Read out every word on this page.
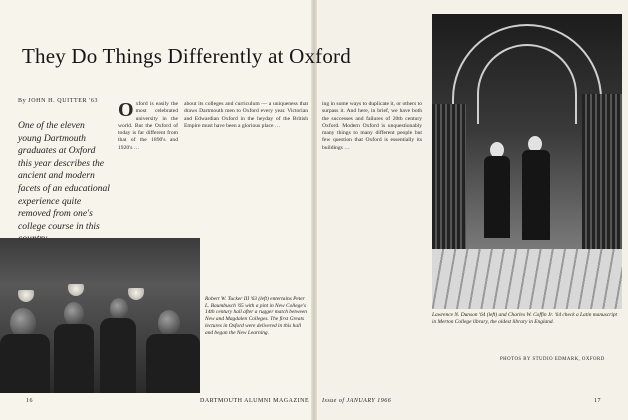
They Do Things Differently at Oxford
By JOHN H. QUITTER '63
One of the eleven young Dartmouth graduates at Oxford this year describes the ancient and modern facets of an educational experience quite removed from one's college course in this
O xford is easily the most celebrated university in the world. But the Oxford of today is far different from that of the 1890's and 1920's …
about its colleges and curriculum — a uniqueness that draws Dartmouth men to Oxford every year. Victorian and Edwardian Oxford in the heyday of the British Empire must have been a glorious place …
ing in some ways to duplicate it, or others to surpass it. And here, in brief, we have both the successes and failures of 20th century Oxford. Modern Oxford is unquestionably many things to many different people but few question that Oxford is essentially its buildings …
Robert W. Tucker III '63 (left) entertains Peter L. Baumbusch '65 with a pint in New College's 14th century hall after a rugger match between New and Magdalen Colleges. The first Greats lectures in Oxford were delivered in this hall and began the New Learning.
Lawrence N. Dunson '64 (left) and Charles W. Coffin Jr. '64 check a Latin manuscript in Merton College library, the oldest library in England.
PHOTOS BY STUDIO EDMARK, OXFORD
16	DARTMOUTH ALUMNI MAGAZINE Issue of JANUARY 1966	17
